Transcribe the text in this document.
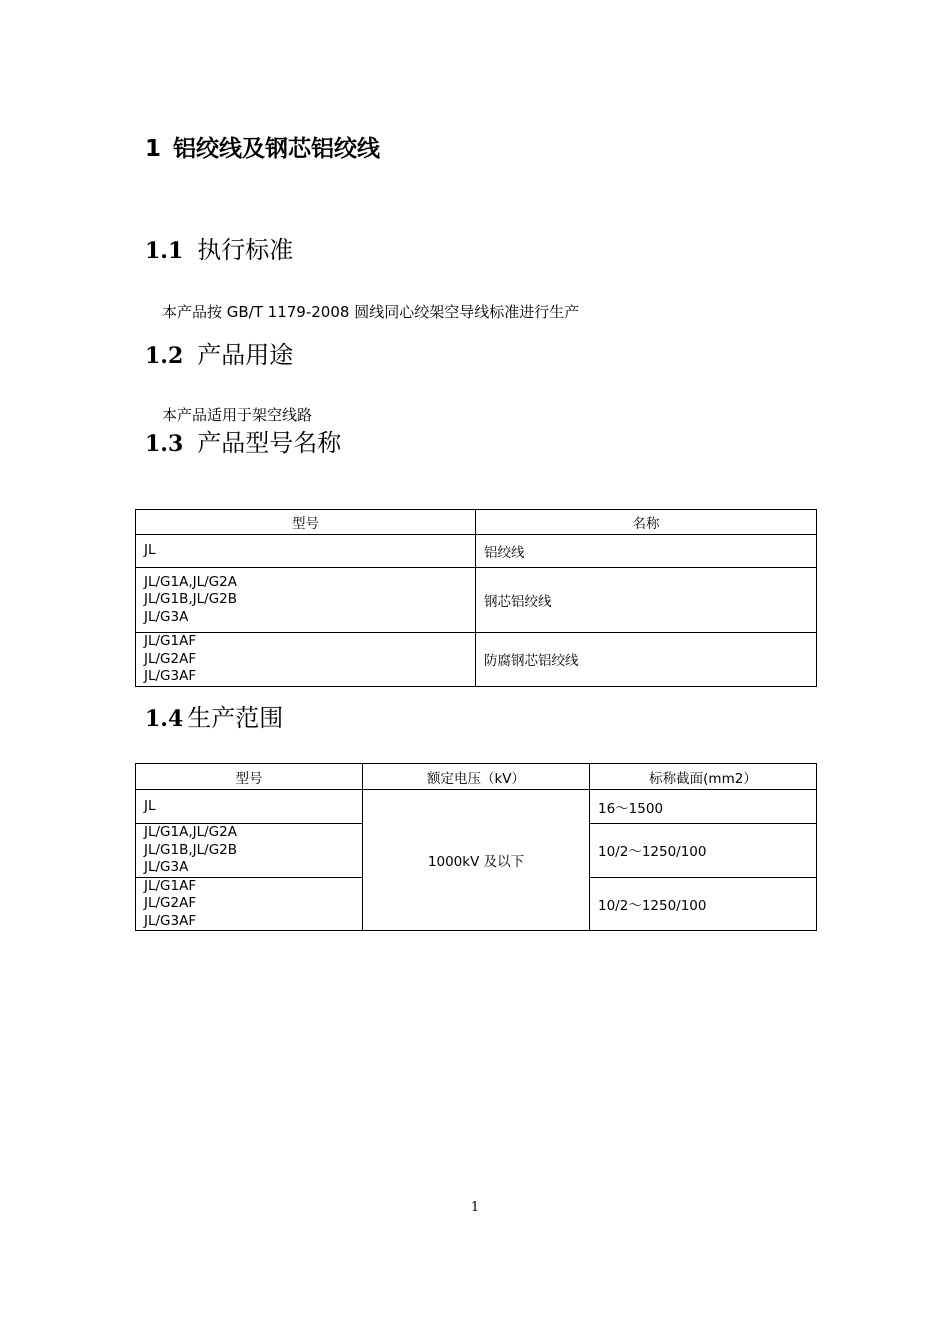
1 铝绞线及钢芯铝绞线
1.1 执行标准
本产品按 GB/T 1179-2008 圆线同心绞架空导线标准进行生产
1.2 产品用途
本产品适用于架空线路
1.3 产品型号名称
型号	名称

JL	铝绞线

JL/G1A,JL/G2A
JL/G1B,JL/G2B
JL/G3A	钢芯铝绞线

JL/G1AF
JL/G2AF
JL/G3AF	防腐钢芯铝绞线
1.4 生产范围
型号	额定电压（kV）	标称截面(mm2）

JL	1000kV 及以下	16～1500

JL/G1A,JL/G2A
JL/G1B,JL/G2B
JL/G3A		10/2～1250/100

JL/G1AF
JL/G2AF
JL/G3AF		10/2～1250/100
1
